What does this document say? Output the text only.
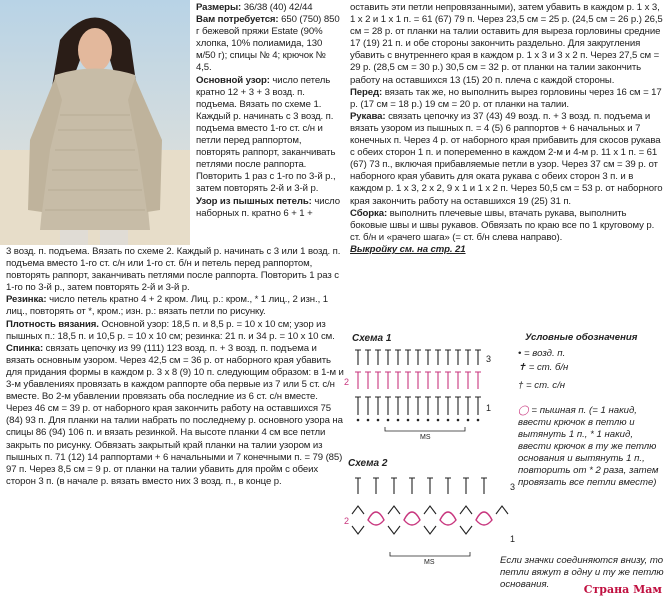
Размеры: 36/38 (40) 42/44

Вам потребуется: 650 (750) 850 г бежевой пряжи Estate (90% хлопка, 10% полиамида, 130 м/50 г); спицы № 4; крючок № 4,5.

Основной узор: число петель кратно 12 + 3 + 3 возд. п. подъема. Вязать по схеме 1. Каждый р. начинать с 3 возд. п. подъема вместо 1-го ст. с/н и петли перед раппортом, повторять раппорт, заканчивать петлями после раппорта. Повторить 1 раз с 1-го по 3-й р., затем повторять 2-й и 3-й р.

Узор из пышных петель: число наборных п. кратно 6 + 1 +

3 возд. п. подъема. Вязать по схеме 2. Каждый р. начинать с 3 или 1 возд. п. подъема вместо 1-го ст. с/н или 1-го ст. б/н и петель перед раппортом, повторять раппорт, заканчивать петлями после раппорта. Повторить 1 раз с 1-го по 3-й р., затем повторять 2-й и 3-й р.

Резинка: число петель кратно 4 + 2 кром. Лиц. р.: кром., * 1 лиц., 2 изн., 1 лиц., повторять от *, кром.; изн. р.: вязать петли по рисунку.

Плотность вязания. Основной узор: 18,5 п. и 8,5 р. = 10 х 10 см; узор из пышных п.: 18,5 п. и 10,5 р. = 10 х 10 см; резинка: 21 п. и 34 р. = 10 х 10 см.

Спинка: связать цепочку из 99 (111) 123 возд. п. + 3 возд. п. подъема и вязать основным узором. Через 42,5 см = 36 р. от наборного края убавить для придания формы в каждом р. 3 х 8 (9) 10 п. следующим образом: в 1-м и 3-м убавлениях провязать в каждом раппорте оба первые из 7 или 5 ст. с/н вместе. Во 2-м убавлении провязать оба последние из 6 ст. с/н вместе. Через 46 см = 39 р. от наборного края закончить работу на оставшихся 75 (84) 93 п. Для планки на талии набрать по последнему р. основного узора на спицы 86 (94) 106 п. и вязать резинкой. На высоте планки 4 см все петли закрыть по рисунку. Обвязать закрытый край планки на талии узором из пышных п. 71 (12) 14 раппортами + 6 начальными и 7 конечными п. = 79 (85) 97 п. Через 8,5 см = 9 р. от планки на талии убавить для пройм с обеих сторон 3 п. (в начале р. вязать вместо них 3 возд. п., в конце р.

оставить эти петли непровязанными), затем убавить в каждом р. 1 х 3, 1 х 2 и 1 х 1 п. = 61 (67) 79 п. Через 23,5 см = 25 р. (24,5 см = 26 р.) 26,5 см = 28 р. от планки на талии оставить для выреза горловины средние 17 (19) 21 п. и обе стороны закончить раздельно. Для закругления убавить с внутреннего края в каждом р. 1 х 3 и 3 х 2 п. Через 27,5 см = 29 р. (28,5 см = 30 р.) 30,5 см = 32 р. от планки на талии закончить работу на оставшихся 13 (15) 20 п. плеча с каждой стороны.

Перед: вязать так же, но выполнить вырез горловины через 16 см = 17 р. (17 см = 18 р.) 19 см = 20 р. от планки на талии.

Рукава: связать цепочку из 37 (43) 49 возд. п. + 3 возд. п. подъема и вязать узором из пышных п. = 4 (5) 6 раппортов + 6 начальных и 7 конечных п. Через 4 р. от наборного края прибавить для скосов рукава с обеих сторон 1 п. и попеременно в каждом 2-м и 4-м р. 11 х 1 п. = 61 (67) 73 п., включая прибавляемые петли в узор. Через 37 см = 39 р. от наборного края убавить для оката рукава с обеих сторон 3 п. и в каждом р. 1 х 3, 2 х 2, 9 х 1 и 1 х 2 п. Через 50,5 см = 53 р. от наборного края закончить работу на оставшихся 19 (25) 31 п.

Сборка: выполнить плечевые швы, втачать рукава, выполнить боковые швы и швы рукавов. Обвязать по краю все по 1 круговому р. ст. б/н и «рачего шага» (= ст. б/н слева направо).

Выкройку см. на стр. 21

Схема 1
2
3
1
MS
Схема 2
2
3
1
MS
Условные обозначения
• = возд. п.
✝ = ст. б/н
† = ст. с/н
◯ = пышная п. (= 1 накид, ввести крючок в петлю и вытянуть 1 п., * 1 накид, ввести крючок в ту же петлю основания и вытянуть 1 п., повторить от * 2 раза, затем провязать все петли вместе)
Если значки соединяются внизу, то петли вяжут в одну и ту же петлю основания.	Страна Мам
